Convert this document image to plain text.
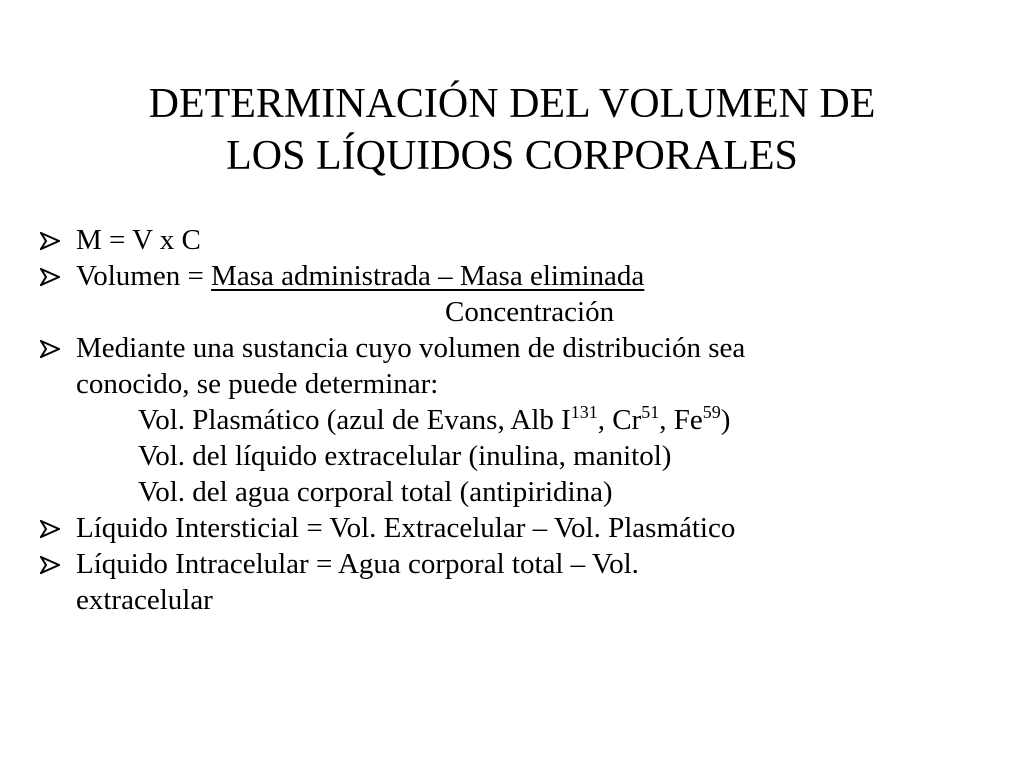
DETERMINACIÓN DEL VOLUMEN DE
LOS LÍQUIDOS CORPORALES
M = V x C
Volumen = Masa administrada – Masa eliminada
Concentración
Mediante una sustancia cuyo volumen de distribución sea
conocido, se puede determinar:
Vol. Plasmático (azul de Evans, Alb $I^{131}$, Cr$^{51}$, Fe$^{59}$)
Vol. del líquido extracelular (inulina, manitol)
Vol. del agua corporal total (antipiridina)
Líquido Intersticial = Vol. Extracelular – Vol. Plasmático
Líquido Intracelular = Agua corporal total – Vol.
extracelular
